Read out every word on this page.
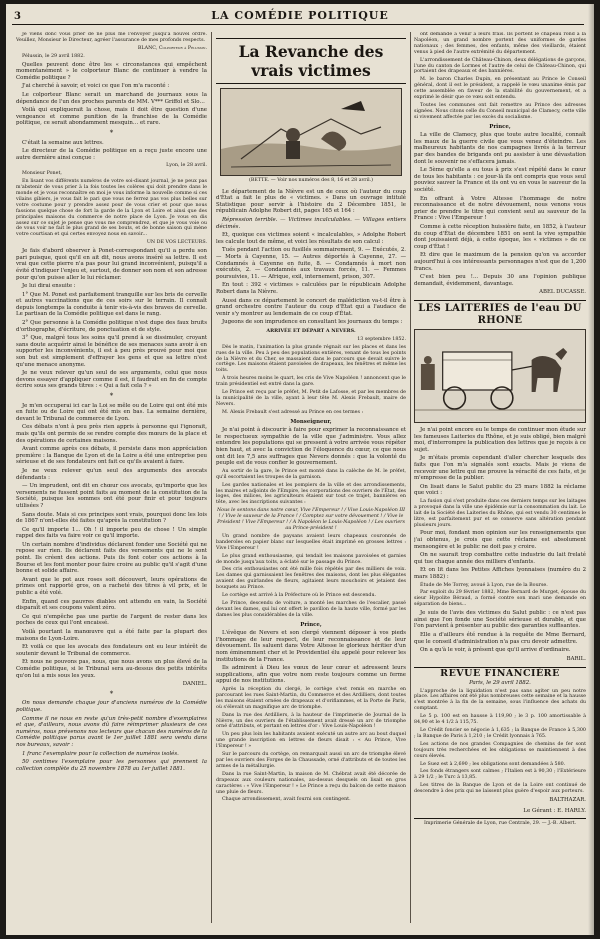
3	LA COMÉDIE POLITIQUE

Je viens donc vous prier de ne plus me l'envoyer jusqu'à nouvel ordre. Veuillez, Monsieur le Directeur, agréer l'assurance de mes profonds respects.

BLANC, Colporteur à Pélussin.

Pélussin, le 29 avril 1882.

Quelles peuvent donc être les « circonstances qui empêchent momentanément » le colporteur Blanc de continuer à vendre la Comédie politique ?

J'ai cherché à savoir, et voici ce que l'on m'a raconté :

Le colporteur Blanc serait un marchand de journaux sous la dépendance de l'un des proches parents de MM. V*** Griffol et Slo…

Voilà qui expliquerait la chose, mais il doit être question d'une vengeance et comme punition de la franchise de la Comédie politique, ce serait abondamment mesquin… et rare.

*

C'était la semaine aux lettres.

Le directeur de la Comédie politique en a reçu juste encore une autre dernière ainsi conçue :

Lyon, le 28 avril.

Monsieur Ponet,

En lisant vos différents numéros de votre soi-disant journal, je ne peux pas m'abstenir de vous prier à la fois toutes les colères qui doit prendre dans le monde et je vous reconnaître en moi je vous informe la nouvelle comme si ces vilains gibiers, je vous fait le pari que vous ne ferrez pas vos plus belles sur votre costume pour y prendre assez pour de vous crier et pour que nous fassions quelque chose de fort la garde de la Lyon et Loire et ainsi que des principales maisons du commerce de notre place de Lyon. Je vous en dis assez sur ce sujet je pense que vous me comprendrez, et que je vous voie ou de vous voir ne fait le plus grand de ses bouts, et de bonne saison qui mène votre courtisan et qui certes envoyez nous en savoir...

UN DE VOS LECTEURS.

Je fais d'abord observer à Ponet-correspondant qu'il a perdu son pari puisque, quoi qu'il en ait dit, nous avons inséré sa lettre. Il est vrai que cette pierre n'a pas pour lui grand inconvénient, puisqu'il a évité d'indiquer l'enjeu et, surtout, de donner son nom et son adresse pour qu'on puisse aller le lui réclamer.

Je lui dirai ensuite :

1° Que M. Ponet est parfaitement tranquille sur les bris de cervelle et autres vaccinations que de ces soirs sur le terrain. Il connaît depuis longtemps la conduite à tenir vis-à-vis des braves de cervelle. Le partisan de la Comédie politique est dans le rang.

2° Que personne à la Comédie politique n'est dupe des faux bruits d'orthographe, d'écriture, de ponctuation et de style.

3° Que, malgré tous les soins qu'il prend à se dissimuler, croyant sans doute acquérir ainsi le bénéfice de ses menaces sans avoir à en supporter les inconvénients, il est à peu près prouvé pour moi que son but est simplement d'effrayer les gens et que sa lettre n'est qu'une menace anonyme.

Je ne veux relever qu'un seul de ses arguments, celui que nous devons essayer d'appliquer comme il est, il faudrait en fin de compte écrire sous ses grands titres : « Qui a fait cela ? »

*

Je m'en occuperai ici car la Loi se mêle ou de Loire qui ont été mis en fuite ou de Loire qui ont été mis en bas. La semaine dernière, devant le Tribunal de commerce de Lyon.

Ces débats n'ont à peu près rien appris à personne qui l'ignorait, mais qu'ils ont permis de se rendre compte des mœurs de la place et des opérations de certaines maisons.

Avant comme après ces débats, il persiste dans mon appréciation première : la Banque de Lyon et de la Loire a été une entreprise peu sérieuse et de ses fondateurs ont fait ce qu'ils avaient à faire.

Je ne veux relever qu'un seul des arguments des avocats défendants :

— Un imprudent, ont dit en chœur ces avocats, qu'importe que les versements ne fussent point faits au moment de la constitution de la Société, puisque les sommes ont été pour finir et pour toujours utilisées ?

Sans doute. Mais si ces principes sont vrais, pourquoi donc les lois de 1867 n'ont-elles été faites qu'après la constitution ?

Ce qu'il importe 1... Oh ! il importe peu de chose ! Un simple rappel des faits va faire voir ce qu'il importe.

Un certain nombre d'individus déclarent fonder une Société qui ne repose sur rien. Ils déclarent faits des versements qui ne le sont point. Ils créent des actions. Puis ils font coter ces actions à la Bourse et les font monter pour faire croire au public qu'il s'agit d'une bonne et solide affaire.

Avant que le pot aux roses soit découvert, leurs opérations de primes ont rapporté gros, on a racheté des titres à vil prix, et le public a été volé.

Enfin, quand ces pauvres diables ont attendu en vain, la Société disparaît et ses coupons valent zéro.

Ce qui n'empêche pas une partie de l'argent de rester dans les poches de ceux qui l'ont encaissé.

Voilà pourtant la manœuvre qui a été faite par la plupart des maisons de Lyon-Loire.

Et voilà ce que les avocats des fondateurs ont eu leur intérêt de soutenir devant le Tribunal de commerce.

Et nous ne pouvons pas, nous, que nous avons un plus élevé de la Comédie politique, si le Tribunal sera au-dessus des petits intérêts qu'on lui a mis sous les yeux.

DANIEL.

*

On nous demande chaque jour d'anciens numéros de la Comédie politique.

Comme il ne nous en reste qu'un très-petit nombre d'exemplaires et que, d'ailleurs, nous avons dû faire réimprimer plusieurs de ces numéros, nous prévenons nos lecteurs que chacun des numéros de la Comédie politique parus avant le 1er juillet 1881 sera vendu dans nos bureaux, savoir :

1 franc l'exemplaire pour la collection de numéros isolés.

50 centimes l'exemplaire pour les personnes qui prennent la collection complète du 25 novembre 1878 au 1er juillet 1881.

La Revanche des vrais victimes
(BETTE. — Voir nos numéros des 8, 16 et 28 avril.)

Le département de la Nièvre est un de ceux où l'auteur du coup d'État a fait le plus de « victimes. » Dans un ouvrage intitulé Statistique pour servir à l'histoire du 2 Décembre 1851, le républicain Adolphe Robert dit, pages 165 et 164 :

Répression terrible. — Victimes incalculables. — Villages entiers décimés.

Et, quoique ces victimes soient « incalculables, » Adolphe Robert les calcule tout de même, et voici les résultats de son calcul :

Tués pendant l'action ou fusillés sommairement, 9. — Exécutés, 2. — Morts à Cayenne, 15. — Autres déportés à Cayenne, 27. — Condamnés à Cayenne en fuite, 8. — Condamnés à mort non exécutés, 2. — Condamnés aux travaux forcés, 11. — Femmes poursuivies, 11. — Afrique, exil, internement, prison, 307.

En tout : 392 « victimes » calculées par le républicain Adolphe Robert dans la Nièvre.

Aussi dans ce département le concert de malédiction va-t-il être à grand orchestre contre l'auteur du coup d'État qui a l'audace de venir s'y montrer au lendemain de ce coup d'État.

Jugeons de son imprudence en consultant les journaux du temps :

ARRIVÉE ET DÉPART A NEVERS.

13 septembre 1852.

Dès le matin, l'animation la plus grande régnait sur les places et dans les rues de la ville. Peu à peu des populations entières, venant de tous les points de la Nièvre et du Cher, se massaient dans le parcours que devait suivre le cortège. Les maisons étaient pavoisées de drapeaux, les fenêtres et même les toits.

À trois heures moins le quart, les cris de Vive Napoléon ! annoncent que le train présidentiel est entré dans la gare.

Le Prince est reçu par le préfet, M. Petit de Lafosse, et par les membres de la municipalité de la ville, ayant à leur tête M. Alexis Frebault, maire de Nevers.

M. Alexis Frebault s'est adressé au Prince en ces termes :

Monseigneur,

Je n'ai point à discourir à faire pour exprimer la reconnaissance et le respectueux sympathie de la ville que j'administre. Vous allez entendre les populations qui se pressent à votre arrivée vous répéter bien haut, et avec la conviction de l'éloquence du cœur, ce que nous ont dit les 7,5 ans suffrages que Nevers donnés : que la volonté du peuple est de vous confier le gouvernement.

Au sortir de la gare, le Prince est monté dans la calèche de M. le préfet, qu'il escortaient les troupes de la garnison.

Les gardes nationales et les pompiers de la ville et des arrondissements, les maires et adjoints de l'Empire, les corporations des ouvriers de l'État, des loges, des milices, les agriculteurs étaient sur tout ce trajet, bannières en tête, avec les inscriptions suivantes :

Nous le sentons dans notre cœur, Vive l'Empereur ! / Vive Louis-Napoléon III ! / Vive le sauveur de la France ! / Comptez sur votre dévouement ! / Vive le Président ! Vive l'Empereur ! / A Napoléon le Louis-Napoléon ! / Les ouvriers au Prince-président !

Un grand nombre de paysans avaient leurs chapeaux couronnés de banderoles en papier blanc sur lesquelles était imprimé en grosses lettres : Vive l'Empereur !

Le plus grand enthousiasme, qui tendait les maisons pavoisées et garnies de monde jusqu'aux toits, a éclaté sur le passage du Prince.

Des cris enthousiastes ont été mille fois répétés par des milliers de voix. Les dames qui garnissaient les fenêtres des maisons, dont les plus élégantes avaient des guirlandes de fleurs, agitaient leurs mouchoirs et jetaient des bouquets au Prince.

Le cortège est arrivé à la Préfecture où le Prince est descendu.

Le Prince, descendu de voiture, a monté les marches de l'escalier, passé devant les dames, qui lui ont offert le pavillon de la haute ville, formé par les dames les plus considérables de la ville.

Prince,

L'évêque de Nevers et son clergé viennent déposer à vos pieds l'hommage de leur respect, de leur reconnaissance et de leur dévouement. Ils saluent dans Votre Altesse le glorieux héritier d'un nom éminemment cher et le Providentiel élu appelé pour relever les institutions de la France.

Ils admirent à Dieu les vœux de leur cœur et adressent leurs supplications, afin que votre nom reste toujours comme un ferme appui de nos institutions.

Après la réception du clergé, le cortège s'est remis en marche en parcourant les rues Saint-Martin, du Commerce et des Ardilliers, dont toutes les maisons étaient ornées de drapeaux et d'oriflammes, et la Porte de Paris, où s'élevait un magnifique arc de triomphe.

Dans la rue des Ardilliers, à la hauteur de l'imprimerie de Journal de la Nièvre, un des ouvriers de l'établissement avait dressé un arc de triomphe orné d'attributs, et portant en lettres d'or : Vive Louis-Napoléon !

Un peu plus loin les habitants avaient exécuté un autre arc au bout duquel une grande inscription en lettres de fleurs disait : « Au Prince, Vive l'Empereur ! »

Sur le parcours du cortège, on remarquait aussi un arc de triomphe élevé par les ouvriers des Forges de la Chaussade, orné d'attributs et de toutes les armes de la métallurgie.

Dans la rue Saint-Martin, la maison de M. Chébrat avait été décorée de drapeaux aux couleurs nationales, au-dessus desquels on lisait en gros caractères : « Vive l'Empereur ! » Le Prince a reçu du balcon de cette maison une pluie de fleurs.

Chaque arrondissement, avait fourni son contingent.

ont demandé à venir à leurs frais. Ils portent le chapeau rond à la Napoléon, un grand nombre portent des uniformes de gardes nationaux ; des femmes, des enfants, même des vieillards, étaient venus à pied de l'autre extrémité du département.

L'arrondissement de Château-Chinon, deux délégations de garçons, l'une du canton de Lormes et l'autre de celui de Château-Chinon, qui portaient des drapeaux et des bannières.

M. le baron Charles Dupin, en présentant au Prince le Conseil général, dont il est le président, a rappelé le vœu unanime émis par cette assemblée en faveur de la stabilité du gouvernement, et a exprimé le désir que ce vœu soit entendu.

Toutes les communes ont fait remettre au Prince des adresses signées. Nous citons celle du Conseil municipal de Clamecy, cette ville si vivement affectée par les excès du socialisme.

Prince,

La ville de Clamecy, plus que toute autre localité, connaît les maux de la guerre civile que vous venez d'éteindre. Les malheureux habitants de nos campagnes livrés à la terreur par des bandes de brigands ont pu assister à une dévastation dont le souvenir ne s'effacera jamais.

Le 5ème qu'elle a eu tous à prix s'est répété dans le cœur de tous les habitants : ce jour-là ils ont compris que vous seul pouviez sauver la France et ils ont vu en vous le sauveur de la société.

En offrant à Votre Altesse l'hommage de notre reconnaissance et de notre dévouement, nous venons vous prier de prendre le titre qui convient seul au sauveur de la France : Vive l'Empereur !

Comme à cette réception huissière faite, en 1852, à l'auteur du coup d'État de décembre 1851 on sent la vive sympathie dont jouissaient déjà, à cette époque, les « victimes » de ce coup d'État !

Et dire que le maximum de la pension qu'on va accorder aujourd'hui à ces intéressants personnages n'est que de 1,200 francs.

C'est bien peu !... Depuis 30 ans l'opinion publique demandait, évidemment, davantage.

ABEL DUCASSE.

LES LAITERIES de l'eau DU RHONE

Je n'ai point encore eu le temps de continuer mon étude sur les fameuses Laiteries du Rhône, et je suis obligé, bien malgré moi, d'interrompre la publication des lettres que je reçois à ce sujet.

Je m'étais promis cependant d'aller chercher lesquels des faits que l'on m'a signalés sont exacts. Mais je viens de recevoir une lettre qui me prouve la véracité de ces faits, et je m'empresse de la publier.

On lisait dans le Salut public du 25 mars 1882 la réclame que voici :

La fusion qui s'est produite dans ces derniers temps sur les laitages a provoqué dans la ville une épidémie sur la consommation du lait. Le lait de la Société des Laiteries du Rhône, qui est vendu 30 centimes le litre, est parfaitement pur et se conserve sans altération pendant plusieurs jours.

Pour moi, fondant mon opinion sur les renseignements que j'ai obtenus, je crois que cette réclame est absolument mensongère et le public ne doit pas y croire.

On ne saurait trop combattre cette industrie du lait frelaté qui tue chaque année des milliers d'enfants.

Et on lit dans les Petites Affiches lyonnaises (numéro du 2 mars 1882) :

Étude de Me Torrey, avoué à Lyon, rue de la Bourse.

Par exploit du 29 février 1882, Mme Bernard de Murget, épouse du sieur Hypolite Béraud, a formé contre son mari une demande en séparation de biens...

Je suis de l'avis des victimes du Salut public : ce n'est pas ainsi que l'on fonde une Société sérieuse et durable, et que l'on parvient à présenter au public des garanties suffisantes.

Elle a d'ailleurs été rendue à la requête de Mme Bernard, que le conseil d'administration n'a pas cru devoir admettre.

On a qu'à le voir, à présent que qu'il arrive d'ordinaire.

BARIL.

REVUE FINANCIÈRE

Paris, le 29 avril 1882.

L'approche de la liquidation n'est pas sans agiter un peu notre place. Les affaires ont été plus nombreuses cette semaine et la hausse s'est montrée à la fin de la semaine, sous l'influence des achats du comptant.

Le 5 p. 100 est en hausse à 119,90 ; le 3 p. 100 amortissable à 84,90 et le 4 1/2 à 115,75.

Le Crédit foncier se négocie à 1,635 ; la Banque de France à 5,300 ; la Banque de Paris à 1,210 ; le Crédit lyonnais à 765.

Les actions de nos grandes Compagnies de chemins de fer sont toujours très recherchées et les obligations se maintiennent à des cours élevés.

Le Suez est à 2,690 ; les obligations sont demandées à 580.

Les fonds étrangers sont calmes ; l'Italien est à 90,30 ; l'Extérieure à 29 1/2 ; le Turc à 13,85.

Les titres de la Banque de Lyon et de la Loire ont continué de descendre à des prix qui ne laissent plus guère d'espoir aux porteurs.

BALTHAZAR.

Le Gérant : E. HARLY.
Imprimerie Générale de Lyon, rue Centrale, 29. — J.-B. Albert.
